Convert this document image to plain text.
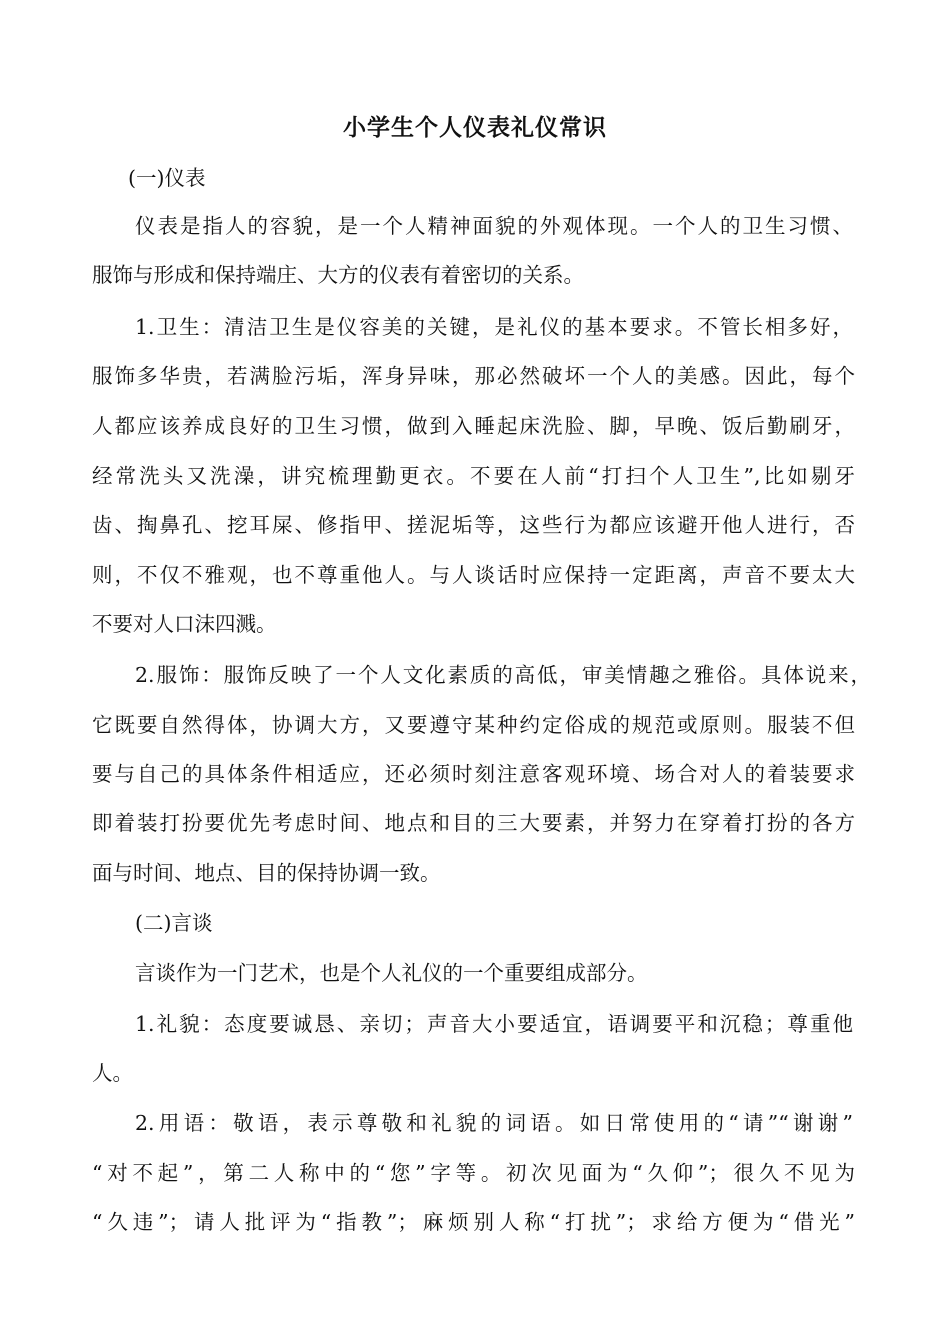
小学生个人仪表礼仪常识
(一)仪表
仪表是指人的容貌，是一个人精神面貌的外观体现。一个人的卫生习惯、
服饰与形成和保持端庄、大方的仪表有着密切的关系。
1.卫生：清洁卫生是仪容美的关键，是礼仪的基本要求。不管长相多好，
服饰多华贵，若满脸污垢，浑身异味，那必然破坏一个人的美感。因此，每个
人都应该养成良好的卫生习惯，做到入睡起床洗脸、脚，早晚、饭后勤刷牙，
经常洗头又洗澡，讲究梳理勤更衣。不要在人前“打扫个人卫生”,比如剔牙
齿、掏鼻孔、挖耳屎、修指甲、搓泥垢等，这些行为都应该避开他人进行，否
则，不仅不雅观，也不尊重他人。与人谈话时应保持一定距离，声音不要太大
不要对人口沫四溅。
2.服饰：服饰反映了一个人文化素质的高低，审美情趣之雅俗。具体说来，
它既要自然得体，协调大方，又要遵守某种约定俗成的规范或原则。服装不但
要与自己的具体条件相适应，还必须时刻注意客观环境、场合对人的着装要求
即着装打扮要优先考虑时间、地点和目的三大要素，并努力在穿着打扮的各方
面与时间、地点、目的保持协调一致。
(二)言谈
言谈作为一门艺术，也是个人礼仪的一个重要组成部分。
1.礼貌：态度要诚恳、亲切；声音大小要适宜，语调要平和沉稳；尊重他
人。
2.用语：敬语，表示尊敬和礼貌的词语。如日常使用的“请”“谢谢”
“对不起”，第二人称中的“您”字等。初次见面为“久仰”；很久不见为
“久违”；请人批评为“指教”；麻烦别人称“打扰”；求给方便为“借光”
